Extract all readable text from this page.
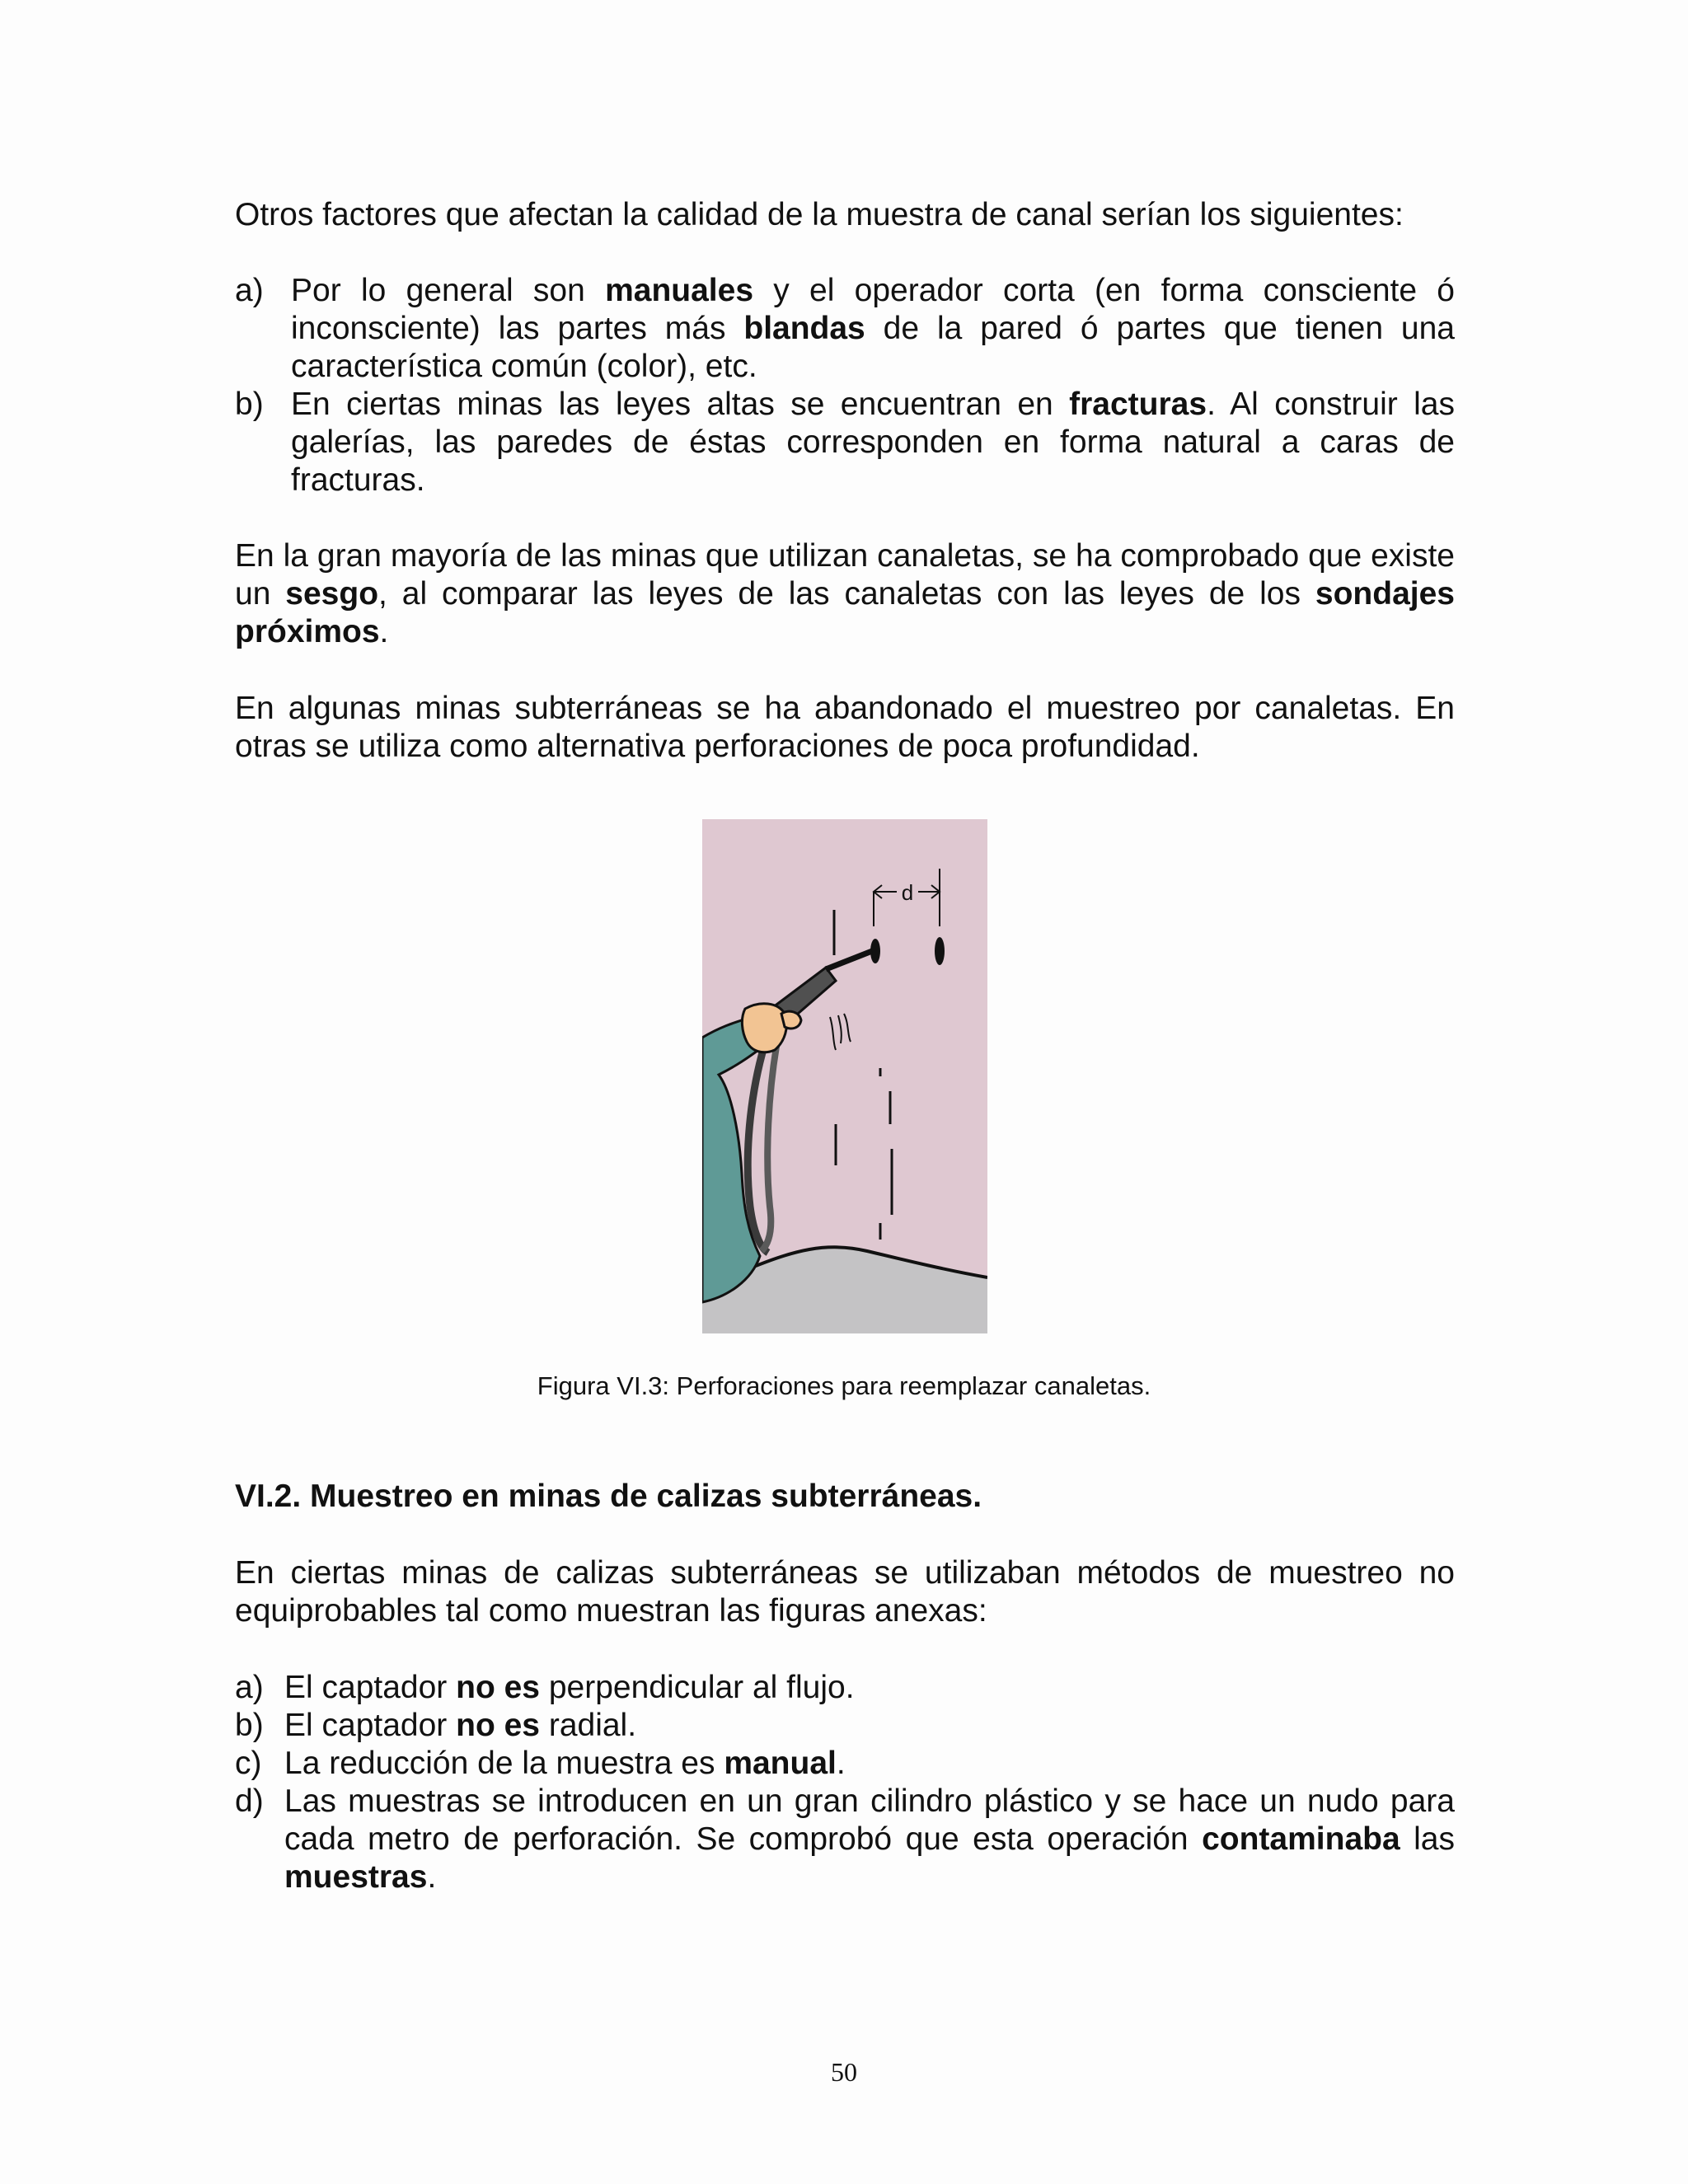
Otros factores que afectan la calidad de la muestra de canal serían los siguientes:
a) Por lo general son manuales y el operador corta (en forma consciente ó inconsciente) las partes más blandas de la pared ó partes que tienen una característica común (color), etc.
b) En ciertas minas las leyes altas se encuentran en fracturas. Al construir las galerías, las paredes de éstas corresponden en forma natural a caras de fracturas.
En la gran mayoría de las minas que utilizan canaletas, se ha comprobado que existe un sesgo, al comparar las leyes de las canaletas con las leyes de los sondajes próximos.
En algunas minas subterráneas se ha abandonado el muestreo por canaletas. En otras se utiliza como alternativa perforaciones de poca profundidad.
d
Figura VI.3: Perforaciones para reemplazar canaletas.
VI.2. Muestreo en minas de calizas subterráneas.
En ciertas minas de calizas subterráneas se utilizaban métodos de muestreo no equiprobables tal como muestran las figuras anexas:
a) El captador no es perpendicular al flujo.
b) El captador no es radial.
c) La reducción de la muestra es manual.
d) Las muestras se introducen en un gran cilindro plástico y se hace un nudo para cada metro de perforación. Se comprobó que esta operación contaminaba las muestras.
50
